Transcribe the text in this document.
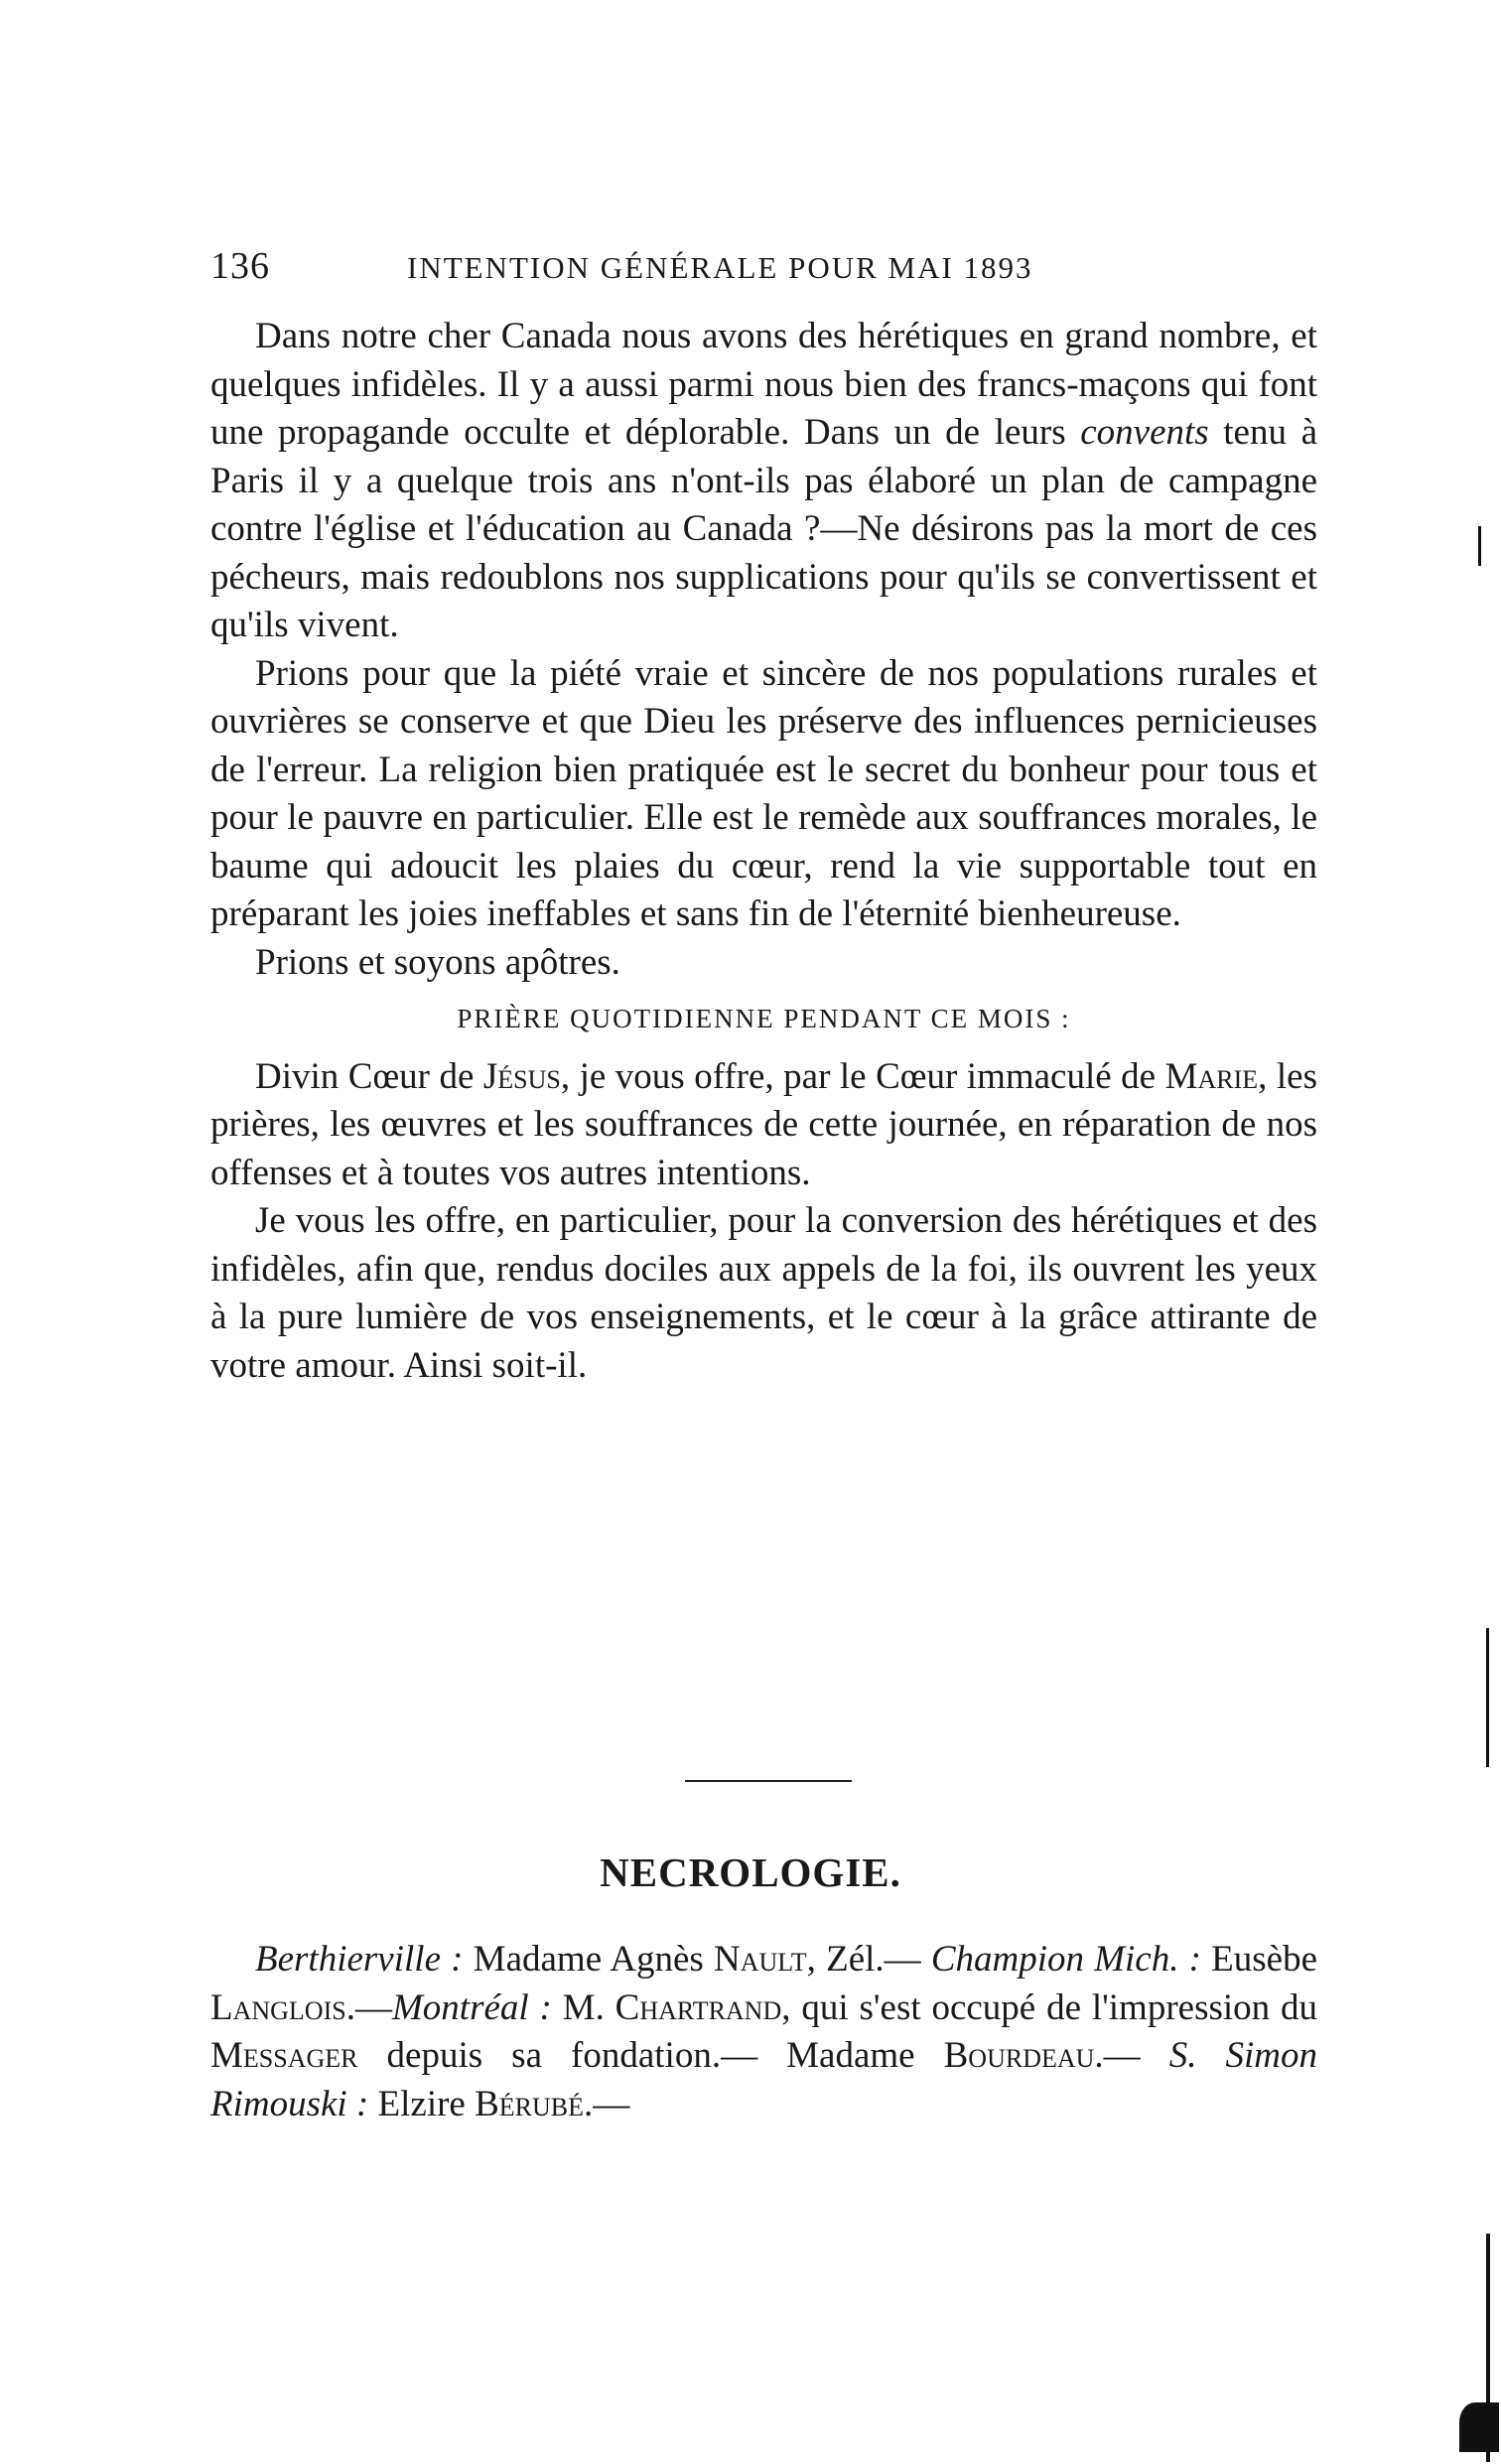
136	INTENTION GÉNÉRALE POUR MAI 1893

Dans notre cher Canada nous avons des hérétiques en grand nombre, et quelques infidèles. Il y a aussi parmi nous bien des francs-maçons qui font une propagande occulte et déplorable. Dans un de leurs convents tenu à Paris il y a quelque trois ans n'ont-ils pas élaboré un plan de campagne contre l'église et l'éducation au Canada ?—Ne désirons pas la mort de ces pécheurs, mais redoublons nos supplications pour qu'ils se convertissent et qu'ils vivent.

Prions pour que la piété vraie et sincère de nos populations rurales et ouvrières se conserve et que Dieu les préserve des influences pernicieuses de l'erreur. La religion bien pratiquée est le secret du bonheur pour tous et pour le pauvre en particulier. Elle est le remède aux souffrances morales, le baume qui adoucit les plaies du cœur, rend la vie supportable tout en préparant les joies ineffables et sans fin de l'éternité bienheureuse.

Prions et soyons apôtres.

PRIÈRE QUOTIDIENNE PENDANT CE MOIS :

Divin Cœur de Jésus, je vous offre, par le Cœur immaculé de Marie, les prières, les œuvres et les souffrances de cette journée, en réparation de nos offenses et à toutes vos autres intentions.

Je vous les offre, en particulier, pour la conversion des hérétiques et des infidèles, afin que, rendus dociles aux appels de la foi, ils ouvrent les yeux à la pure lumière de vos enseignements, et le cœur à la grâce attirante de votre amour. Ainsi soit-il.

NECROLOGIE.

Berthierville : Madame Agnès Nault, Zél.— Champion Mich. : Eusèbe Langlois.—Montréal : M. Chartrand, qui s'est occupé de l'impression du Messager depuis sa fondation.— Madame Bourdeau.— S. Simon Rimouski : Elzire Bérubé.—
